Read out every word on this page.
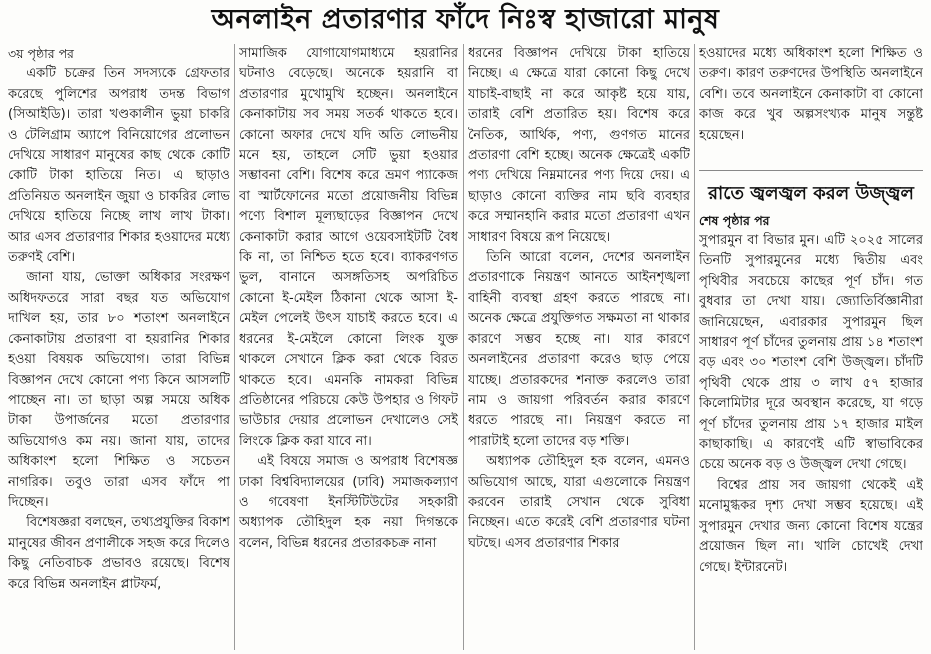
অনলাইন প্রতারণার ফাঁদে নিঃস্ব হাজারো মানুষ

৩য় পৃষ্ঠার পর

একটি চক্রের তিন সদস্যকে গ্রেফতার করেছে পুলিশের অপরাধ তদন্ত বিভাগ (সিআইডি)। তারা খণ্ডকালীন ভুয়া চাকরি ও টেলিগ্রাম অ্যাপে বিনিয়োগের প্রলোভন দেখিয়ে সাধারণ মানুষের কাছ থেকে কোটি কোটি টাকা হাতিয়ে নিত। এ ছাড়াও প্রতিনিয়ত অনলাইন জুয়া ও চাকরির লোভ দেখিয়ে হাতিয়ে নিচ্ছে লাখ লাখ টাকা। আর এসব প্রতারণার শিকার হওয়াদের মধ্যে তরুণই বেশি।

জানা যায়, ভোক্তা অধিকার সংরক্ষণ অধিদফতরে সারা বছর যত অভিযোগ দাখিল হয়, তার ৮০ শতাংশ অনলাইনে কেনাকাটায় প্রতারণা বা হয়রানির শিকার হওয়া বিষয়ক অভিযোগ। তারা বিভিন্ন বিজ্ঞাপন দেখে কোনো পণ্য কিনে আসলটি পাচ্ছেন না। তা ছাড়া অল্প সময়ে অধিক টাকা উপার্জনের মতো প্রতারণার অভিযোগও কম নয়। জানা যায়, তাদের অধিকাংশ হলো শিক্ষিত ও সচেতন নাগরিক। তবুও তারা এসব ফাঁদে পা দিচ্ছেন।

বিশেষজ্ঞরা বলছেন, তথ্যপ্রযুক্তির বিকাশ মানুষের জীবন প্রণালীকে সহজ করে দিলেও কিছু নেতিবাচক প্রভাবও রয়েছে। বিশেষ করে বিভিন্ন অনলাইন প্লাটফর্ম,

সামাজিক যোগাযোগমাধ্যমে হয়রানির ঘটনাও বেড়েছে। অনেকে হয়রানি বা প্রতারণার মুখোমুখি হচ্ছেন। অনলাইনে কেনাকাটায় সব সময় সতর্ক থাকতে হবে। কোনো অফার দেখে যদি অতি লোভনীয় মনে হয়, তাহলে সেটি ভুয়া হওয়ার সম্ভাবনা বেশি। বিশেষ করে ভ্রমণ প্যাকেজ বা স্মার্টফোনের মতো প্রয়োজনীয় বিভিন্ন পণ্যে বিশাল মূল্যছাড়ের বিজ্ঞাপন দেখে কেনাকাটা করার আগে ওয়েবসাইটটি বৈধ কি না, তা নিশ্চিত হতে হবে। ব্যাকরণগত ভুল, বানানে অসঙ্গতিসহ অপরিচিত কোনো ই-মেইল ঠিকানা থেকে আসা ই-মেইল পেলেই উৎস যাচাই করতে হবে। এ ধরনের ই-মেইলে কোনো লিংক যুক্ত থাকলে সেখানে ক্লিক করা থেকে বিরত থাকতে হবে। এমনকি নামকরা বিভিন্ন প্রতিষ্ঠানের পরিচয়ে কেউ উপহার ও গিফট ভাউচার দেয়ার প্রলোভন দেখালেও সেই লিংকে ক্লিক করা যাবে না।

এই বিষয়ে সমাজ ও অপরাধ বিশেষজ্ঞ ঢাকা বিশ্ববিদ্যালয়ের (ঢাবি) সমাজকল্যাণ ও গবেষণা ইনস্টিটিউটের সহকারী অধ্যাপক তৌহিদুল হক নয়া দিগন্তকে বলেন, বিভিন্ন ধরনের প্রতারকচক্র নানা

ধরনের বিজ্ঞাপন দেখিয়ে টাকা হাতিয়ে নিচ্ছে। এ ক্ষেত্রে যারা কোনো কিছু দেখে যাচাই-বাছাই না করে আকৃষ্ট হয়ে যায়, তারাই বেশি প্রতারিত হয়। বিশেষ করে নৈতিক, আর্থিক, পণ্য, গুণগত মানের প্রতারণা বেশি হচ্ছে। অনেক ক্ষেত্রেই একটি পণ্য দেখিয়ে নিম্নমানের পণ্য দিয়ে দেয়। এ ছাড়াও কোনো ব্যক্তির নাম ছবি ব্যবহার করে সম্মানহানি করার মতো প্রতারণা এখন সাধারণ বিষয়ে রূপ নিয়েছে।

তিনি আরো বলেন, দেশের অনলাইন প্রতারণাকে নিয়ন্ত্রণ আনতে আইনশৃঙ্খলা বাহিনী ব্যবস্থা গ্রহণ করতে পারছে না। অনেক ক্ষেত্রে প্রযুক্তিগত সক্ষমতা না থাকার কারণে সম্ভব হচ্ছে না। যার কারণে অনলাইনের প্রতারণা করেও ছাড় পেয়ে যাচ্ছে। প্রতারকদের শনাক্ত করলেও তারা নাম ও জায়গা পরিবর্তন করার কারণে ধরতে পারছে না। নিয়ন্ত্রণ করতে না পারাটাই হলো তাদের বড় শক্তি।

অধ্যাপক তৌহিদুল হক বলেন, এমনও অভিযোগ আছে, যারা এগুলোকে নিয়ন্ত্রণ করবেন তারাই সেখান থেকে সুবিধা নিচ্ছেন। এতে করেই বেশি প্রতারণার ঘটনা ঘটছে। এসব প্রতারণার শিকার

হওয়াদের মধ্যে অধিকাংশ হলো শিক্ষিত ও তরুণ। কারণ তরুণদের উপস্থিতি অনলাইনে বেশি। তবে অনলাইনে কেনাকাটা বা কোনো কাজ করে খুব অল্পসংখ্যক মানুষ সন্তুষ্ট হয়েছেন।

রাতে জ্বলজ্বল করল উজ্জ্বল

শেষ পৃষ্ঠার পর

সুপারমুন বা বিভার মুন। এটি ২০২৫ সালের তিনটি সুপারমুনের মধ্যে দ্বিতীয় এবং পৃথিবীর সবচেয়ে কাছের পূর্ণ চাঁদ। গত বুধবার তা দেখা যায়। জ্যোতির্বিজ্ঞানীরা জানিয়েছেন, এবারকার সুপারমুন ছিল সাধারণ পূর্ণ চাঁদের তুলনায় প্রায় ১৪ শতাংশ বড় এবং ৩০ শতাংশ বেশি উজ্জ্বল। চাঁদটি পৃথিবী থেকে প্রায় ৩ লাখ ৫৭ হাজার কিলোমিটার দূরে অবস্থান করেছে, যা গড়ে পূর্ণ চাঁদের তুলনায় প্রায় ১৭ হাজার মাইল কাছাকাছি। এ কারণেই এটি স্বাভাবিকের চেয়ে অনেক বড় ও উজ্জ্বল দেখা গেছে।

বিশ্বের প্রায় সব জায়গা থেকেই এই মনোমুগ্ধকর দৃশ্য দেখা সম্ভব হয়েছে। এই সুপারমুন দেখার জন্য কোনো বিশেষ যন্ত্রের প্রয়োজন ছিল না। খালি চোখেই দেখা গেছে। ইন্টারনেট।
